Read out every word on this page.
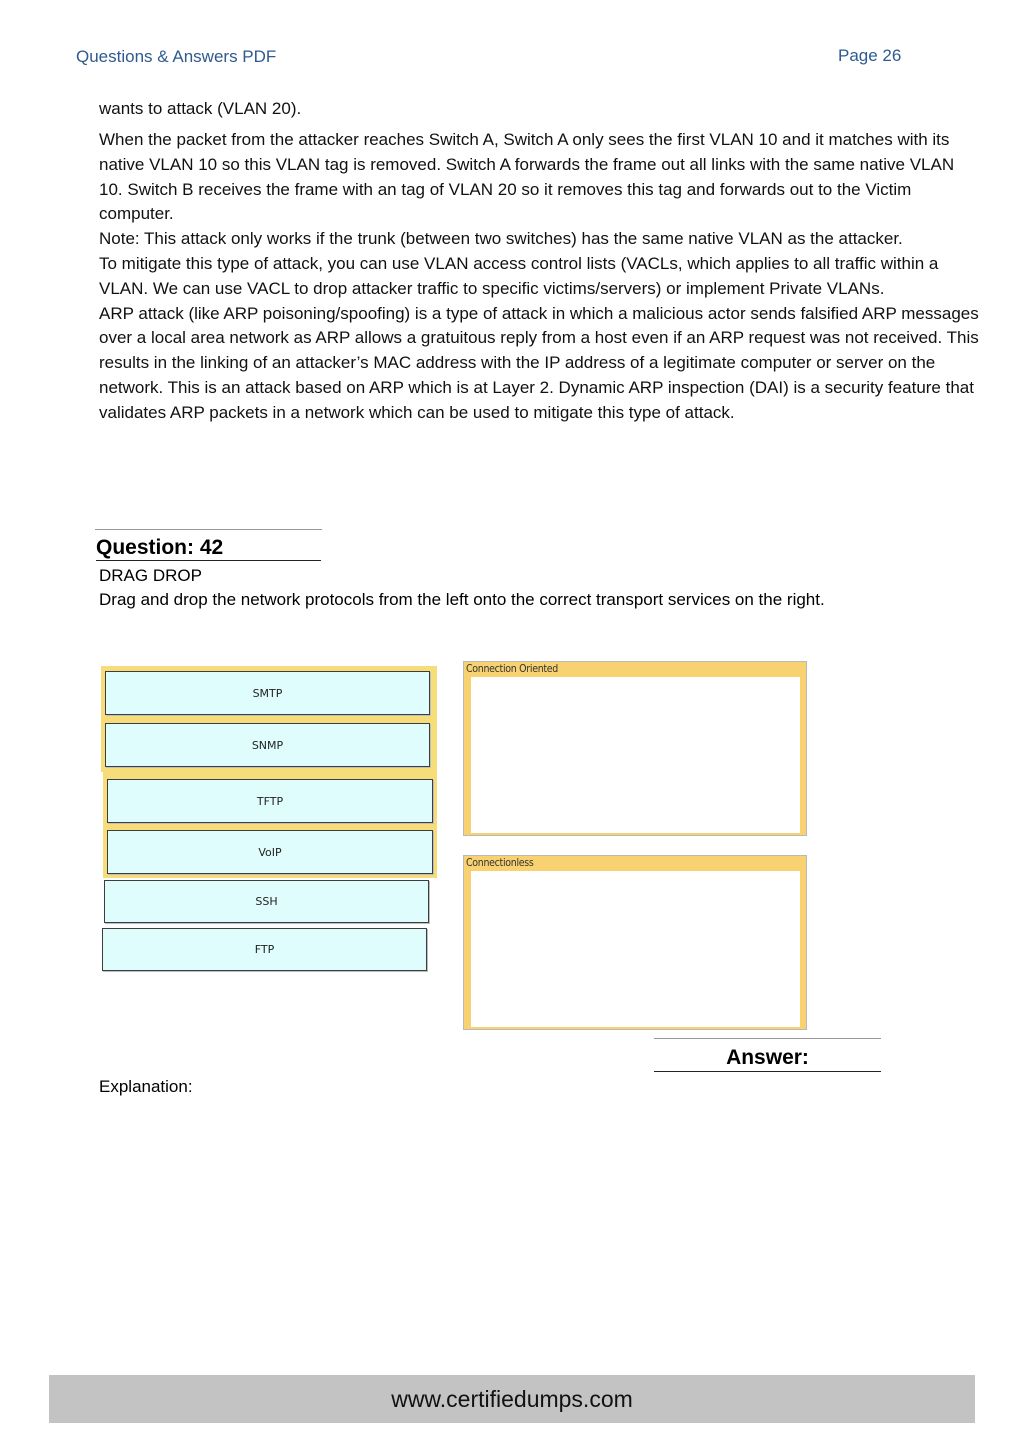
Questions & Answers PDF	Page 26

wants to attack (VLAN 20).

When the packet from the attacker reaches Switch A, Switch A only sees the first VLAN 10 and it matches with its native VLAN 10 so this VLAN tag is removed. Switch A forwards the frame out all links with the same native VLAN 10. Switch B receives the frame with an tag of VLAN 20 so it removes this tag and forwards out to the Victim computer.

Note: This attack only works if the trunk (between two switches) has the same native VLAN as the attacker.

To mitigate this type of attack, you can use VLAN access control lists (VACLs, which applies to all traffic within a VLAN. We can use VACL to drop attacker traffic to specific victims/servers) or implement Private VLANs.

ARP attack (like ARP poisoning/spoofing) is a type of attack in which a malicious actor sends falsified ARP messages over a local area network as ARP allows a gratuitous reply from a host even if an ARP request was not received. This results in the linking of an attacker’s MAC address with the IP address of a legitimate computer or server on the network. This is an attack based on ARP which is at Layer 2. Dynamic ARP inspection (DAI) is a security feature that validates ARP packets in a network which can be used to mitigate this type of attack.

Question: 42
DRAG DROP
Drag and drop the network protocols from the left onto the correct transport services on the right.
SMTP
SNMP
TFTP
VoIP
SSH
FTP
Connection Oriented
Connectionless
Answer:
Explanation:
www.certifiedumps.com
